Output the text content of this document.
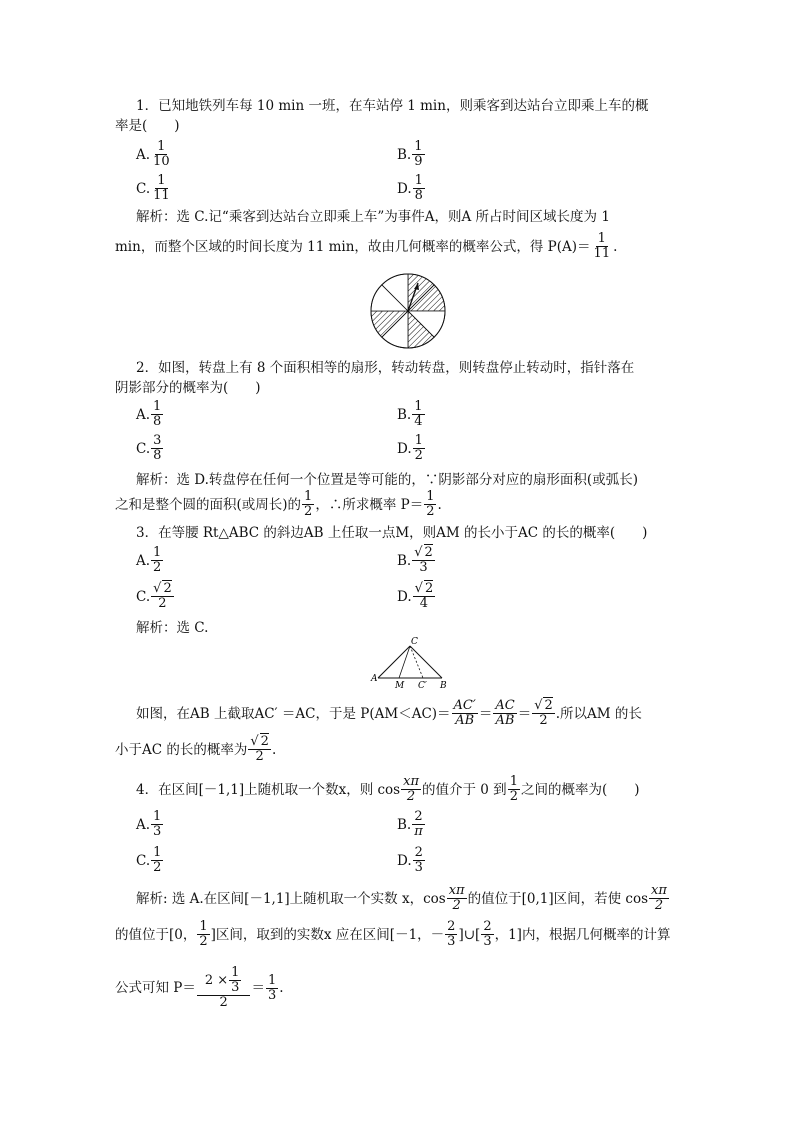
1．已知地铁列车每 10 min 一班，在车站停 1 min，则乘客到达站台立即乘上车的概
率是(　　)
A. $\frac{1}{10}$	B. $\frac{1}{9}$
C. $\frac{1}{11}$	D. $\frac{1}{8}$
解析：选 C.记“乘客到达站台立即乘上车”为事件A，则A 所占时间区域长度为 1
min，而整个区域的时间长度为 11 min，故由几何概率的概率公式，得 $P(A)= \frac{1}{11}$ .
2．如图，转盘上有 8 个面积相等的扇形，转动转盘，则转盘停止转动时，指针落在
阴影部分的概率为(　　)
A. $\frac{1}{8}$	B. $\frac{1}{4}$
C. $\frac{3}{8}$	D. $\frac{1}{2}$
解析：选 D.转盘停在任何一个位置是等可能的，∵阴影部分对应的扇形面积(或弧长)
之和是整个圆的面积(或周长)的 $\frac{1}{2}$ ，∴所求概率 $P= \frac{1}{2}$ .
3．在等腰 Rt△ABC 的斜边AB 上任取一点M，则AM 的长小于AC 的长的概率(　　)
A. $\frac{1}{2}$	B. $\frac{√ 2}{3}$
C. $\frac{√ 2}{2}$	D. $\frac{√ 2}{4}$
解析：选 C.
C
A
M C′ B
如图，在AB 上截取AC′ ＝AC，于是 $P(AM<AC)= \frac{AC'}{AB} = \frac{AC}{AB} = \frac{√ 2}{2}$ .所以AM 的长
小于AC 的长的概率为 $\frac{√ 2}{2}$ .
4．在区间[－1,1]上随机取一个数x，则 $\cos \frac{x\pi}{2}$ 的值介于 0 到 $\frac{1}{2}$ 之间的概率为(　　)
A. $\frac{1}{3}$	B. $\frac{2}{\pi}$
C. $\frac{1}{2}$	D. $\frac{2}{3}$
解析: 选 A.在区间[－1,1]上随机取一个实数 x，$\cos \frac{x\pi}{2}$ 的值位于[0,1]区间，若使 $\cos \frac{x\pi}{2}$
的值位于[0， $\frac{1}{2}$ ]区间，取到的实数x 应在区间[－1，－ $\frac{2}{3}$ ]∪[ $\frac{2}{3}$ ，1]内，根据几何概率的计算
公式可知 $P= \frac{2 \times \frac{1}{3}}{2} = \frac{1}{3}$ .
